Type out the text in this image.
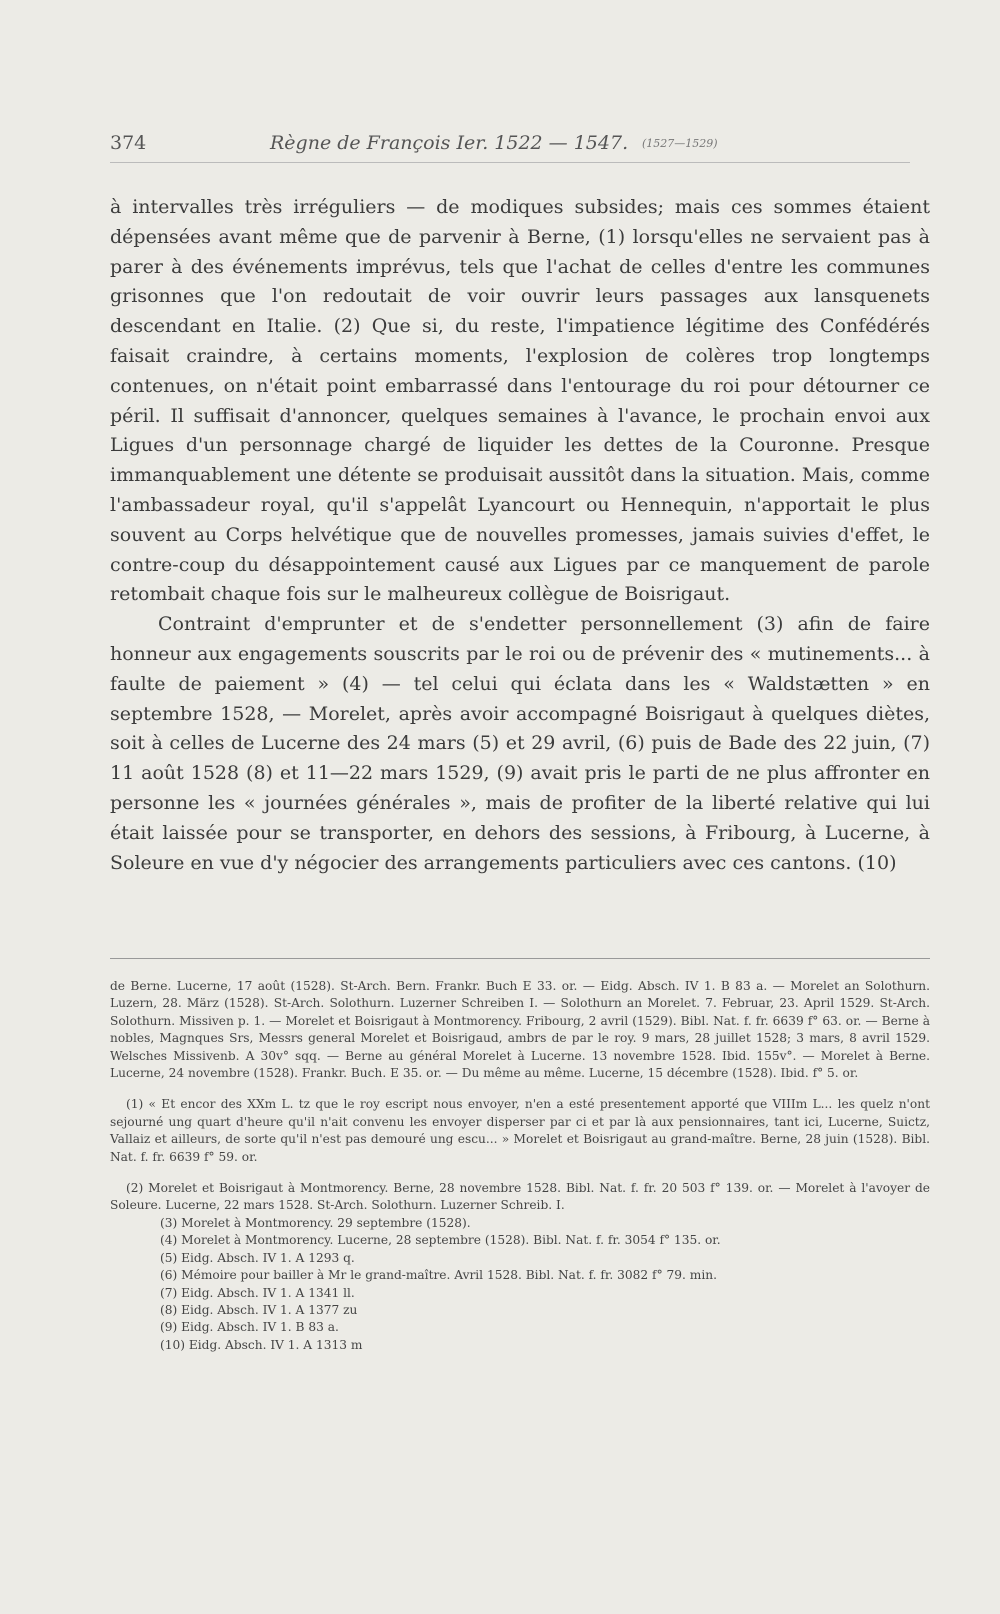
374	Règne de François Ier. 1522 — 1547. (1527—1529)

à intervalles très irréguliers — de modiques subsides; mais ces sommes étaient dépensées avant même que de parvenir à Berne, (1) lorsqu'elles ne servaient pas à parer à des événements imprévus, tels que l'achat de celles d'entre les communes grisonnes que l'on redoutait de voir ouvrir leurs passages aux lansquenets descendant en Italie. (2) Que si, du reste, l'impatience légitime des Confédérés faisait craindre, à certains moments, l'explosion de colères trop longtemps contenues, on n'était point embarrassé dans l'entourage du roi pour détourner ce péril. Il suffisait d'annoncer, quelques semaines à l'avance, le prochain envoi aux Ligues d'un personnage chargé de liquider les dettes de la Couronne. Presque immanquablement une détente se produisait aussitôt dans la situation. Mais, comme l'ambassadeur royal, qu'il s'appelât Lyancourt ou Hennequin, n'apportait le plus souvent au Corps helvétique que de nouvelles promesses, jamais suivies d'effet, le contre-coup du désappointement causé aux Ligues par ce manquement de parole retombait chaque fois sur le malheureux collègue de Boisrigaut.

Contraint d'emprunter et de s'endetter personnellement (3) afin de faire honneur aux engagements souscrits par le roi ou de prévenir des « mutinements... à faulte de paiement » (4) — tel celui qui éclata dans les « Waldstætten » en septembre 1528, — Morelet, après avoir accompagné Boisrigaut à quelques diètes, soit à celles de Lucerne des 24 mars (5) et 29 avril, (6) puis de Bade des 22 juin, (7) 11 août 1528 (8) et 11—22 mars 1529, (9) avait pris le parti de ne plus affronter en personne les « journées générales », mais de profiter de la liberté relative qui lui était laissée pour se transporter, en dehors des sessions, à Fribourg, à Lucerne, à Soleure en vue d'y négocier des arrangements particuliers avec ces cantons. (10)

de Berne. Lucerne, 17 août (1528). St-Arch. Bern. Frankr. Buch E 33. or. — Eidg. Absch. IV 1. B 83 a. — Morelet an Solothurn. Luzern, 28. März (1528). St-Arch. Solothurn. Luzerner Schreiben I. — Solothurn an Morelet. 7. Februar, 23. April 1529. St-Arch. Solothurn. Missiven p. 1. — Morelet et Boisrigaut à Montmorency. Fribourg, 2 avril (1529). Bibl. Nat. f. fr. 6639 f° 63. or. — Berne à nobles, Magnques Srs, Messrs general Morelet et Boisrigaud, ambrs de par le roy. 9 mars, 28 juillet 1528; 3 mars, 8 avril 1529. Welsches Missivenb. A 30v° sqq. — Berne au général Morelet à Lucerne. 13 novembre 1528. Ibid. 155v°. — Morelet à Berne. Lucerne, 24 novembre (1528). Frankr. Buch. E 35. or. — Du même au même. Lucerne, 15 décembre (1528). Ibid. f° 5. or.

(1) « Et encor des XXm L. tz que le roy escript nous envoyer, n'en a esté presentement apporté que VIIIm L... les quelz n'ont sejourné ung quart d'heure qu'il n'ait convenu les envoyer disperser par ci et par là aux pensionnaires, tant ici, Lucerne, Suictz, Vallaiz et ailleurs, de sorte qu'il n'est pas demouré ung escu... » Morelet et Boisrigaut au grand-maître. Berne, 28 juin (1528). Bibl. Nat. f. fr. 6639 f° 59. or.

(2) Morelet et Boisrigaut à Montmorency. Berne, 28 novembre 1528. Bibl. Nat. f. fr. 20 503 f° 139. or. — Morelet à l'avoyer de Soleure. Lucerne, 22 mars 1528. St-Arch. Solothurn. Luzerner Schreib. I.

(3) Morelet à Montmorency. 29 septembre (1528).

(4) Morelet à Montmorency. Lucerne, 28 septembre (1528). Bibl. Nat. f. fr. 3054 f° 135. or.

(5) Eidg. Absch. IV 1. A 1293 q.

(6) Mémoire pour bailler à Mr le grand-maître. Avril 1528. Bibl. Nat. f. fr. 3082 f° 79. min.

(7) Eidg. Absch. IV 1. A 1341 ll.

(8) Eidg. Absch. IV 1. A 1377 zu

(9) Eidg. Absch. IV 1. B 83 a.

(10) Eidg. Absch. IV 1. A 1313 m
